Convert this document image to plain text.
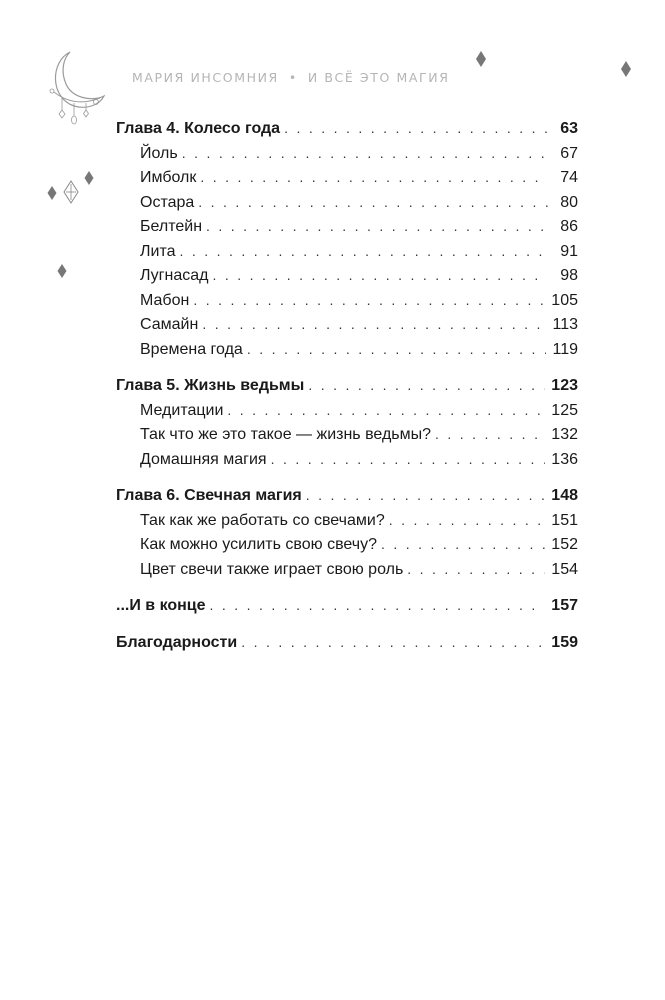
МАРИЯ ИНСОМНИЯ • И ВСЁ ЭТО МАГИЯ
Глава 4. Колесо года . . .	63
Йоль . . .	67
Имболк . . .	74
Остара . . .	80
Белтейн . . .	86
Лита . . .	91
Лугнасад . . .	98
Мабон . . .	105
Самайн . . .	113
Времена года . . .	119
Глава 5. Жизнь ведьмы . . .	123
Медитации . . .	125
Так что же это такое — жизнь ведьмы? . . .	132
Домашняя магия . . .	136
Глава 6. Свечная магия . . .	148
Так как же работать со свечами? . . .	151
Как можно усилить свою свечу? . . .	152
Цвет свечи также играет свою роль . . .	154
...И в конце . . .	157
Благодарности . . .	159
